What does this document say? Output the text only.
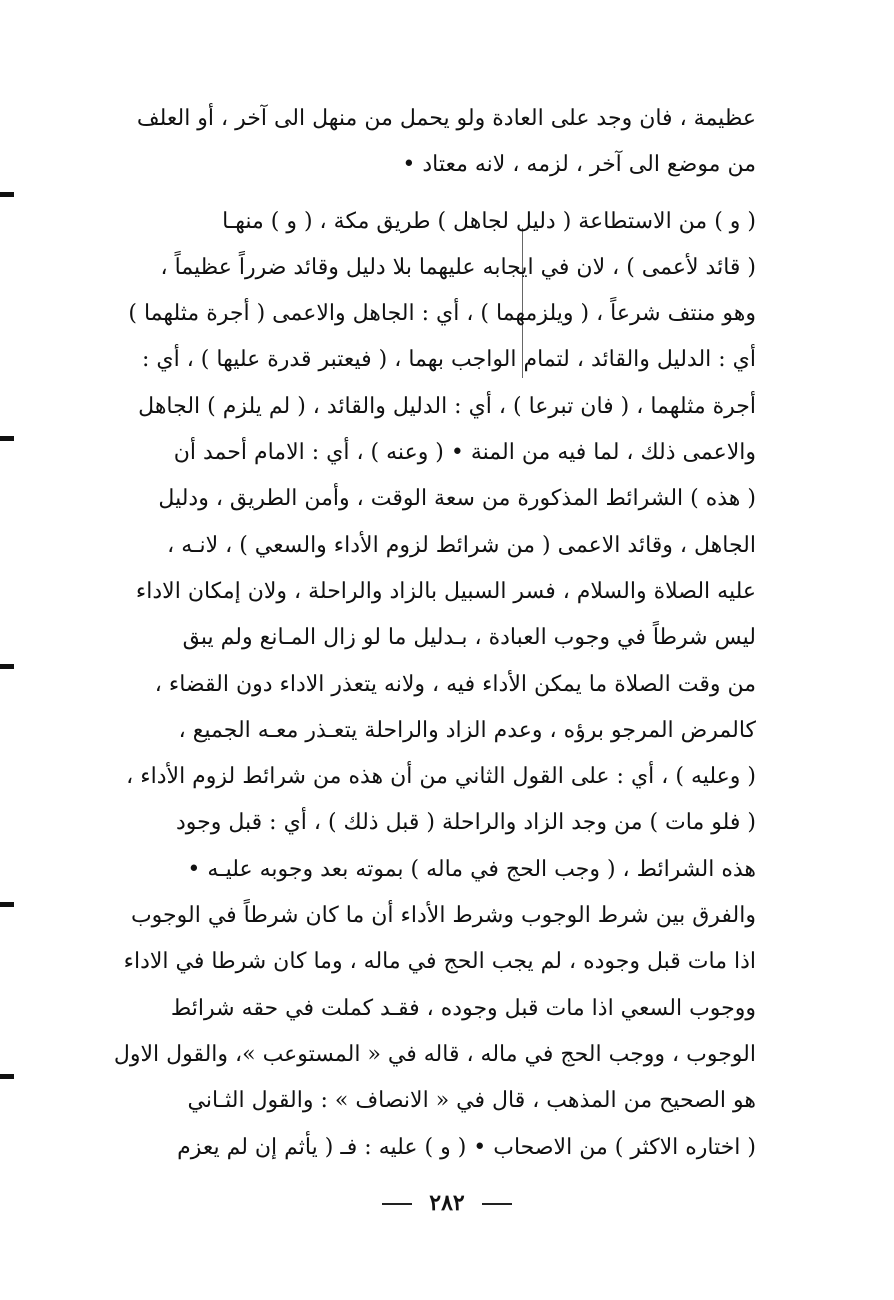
عظيمة ، فان وجد على العادة ولو يحمل من منهل الى آخر ، أو العلف
من موضع الى آخر ، لزمه ، لانه معتاد •
( و ) من الاستطاعة ( دليل لجاهل ) طريق مكة ، ( و ) منهـا
( قائد لأعمى ) ، لان في ايجابه عليهما بلا دليل وقائد ضرراً عظيماً ،
وهو منتف شرعاً ، ( ويلزمهما ) ، أي : الجاهل والاعمى ( أجرة مثلهما )
أي : الدليل والقائد ، لتمام الواجب بهما ، ( فيعتبر قدرة عليها ) ، أي :
أجرة مثلهما ، ( فان تبرعا ) ، أي : الدليل والقائد ، ( لم يلزم ) الجاهل
والاعمى ذلك ، لما فيه من المنة • ( وعنه ) ، أي : الامام أحمد أن
( هذه ) الشرائط المذكورة من سعة الوقت ، وأمن الطريق ، ودليل
الجاهل ، وقائد الاعمى ( من شرائط لزوم الأداء والسعي ) ، لانـه ،
عليه الصلاة والسلام ، فسر السبيل بالزاد والراحلة ، ولان إمكان الاداء
ليس شرطاً في وجوب العبادة ، بـدليل ما لو زال المـانع ولم يبق
من وقت الصلاة ما يمكن الأداء فيه ، ولانه يتعذر الاداء دون القضاء ،
كالمرض المرجو برؤه ، وعدم الزاد والراحلة يتعـذر معـه الجميع ،
( وعليه ) ، أي : على القول الثاني من أن هذه من شرائط لزوم الأداء ،
( فلو مات ) من وجد الزاد والراحلة ( قبل ذلك ) ، أي : قبل وجود
هذه الشرائط ، ( وجب الحج في ماله ) بموته بعد وجوبه عليـه •
والفرق بين شرط الوجوب وشرط الأداء أن ما كان شرطاً في الوجوب
اذا مات قبل وجوده ، لم يجب الحج في ماله ، وما كان شرطا في الاداء
ووجوب السعي اذا مات قبل وجوده ، فقـد كملت في حقه شرائط
الوجوب ، ووجب الحج في ماله ، قاله في « المستوعب »، والقول الاول
هو الصحيح من المذهب ، قال في « الانصاف » : والقول الثـاني
( اختاره الاكثر ) من الاصحاب • ( و ) عليه : فـ ( يأثم إن لم يعزم
٢٨٢
